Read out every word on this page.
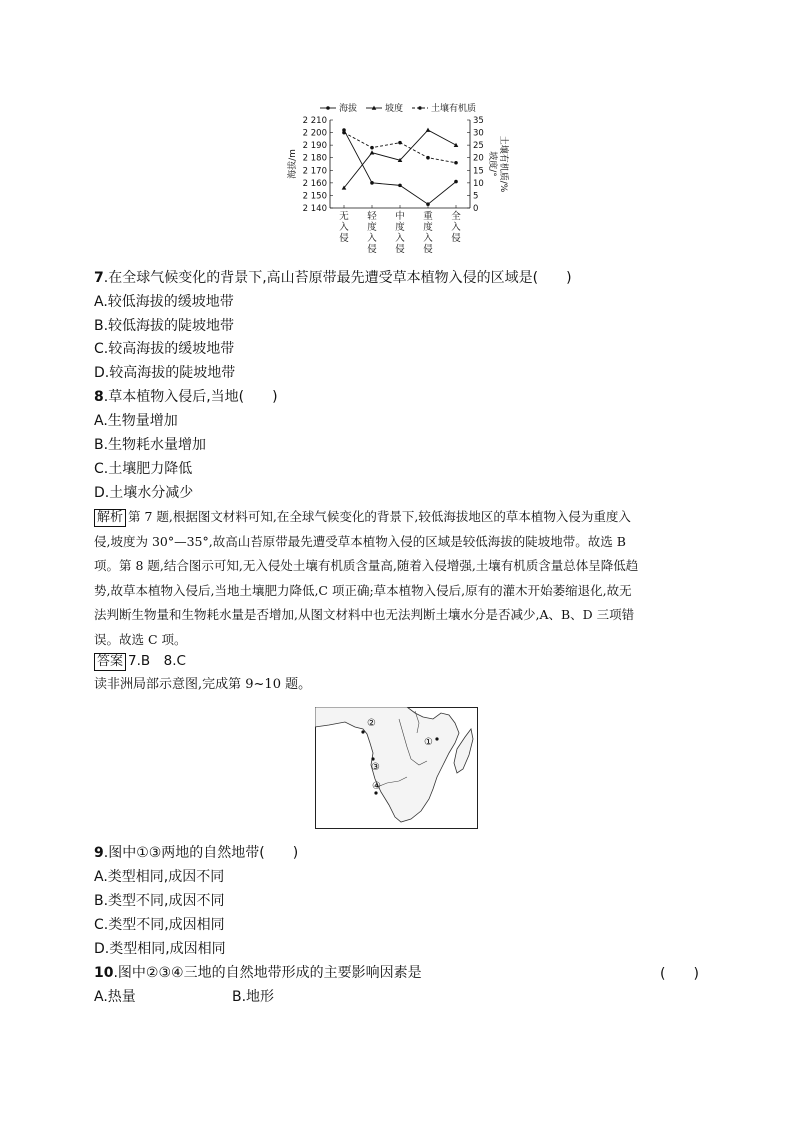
海拔	坡度	土壤有机质
2 210
2 200
2 190
2 180
2 170
2 160
2 150
2 140
35
30
25
20
15
10
5
0
海拔/m	坡度/° 土壤有机质/%
无入侵
轻度入侵
中度入侵
重度入侵
全入侵
7.在全球气候变化的背景下,高山苔原带最先遭受草本植物入侵的区域是(　　)
A.较低海拔的缓坡地带
B.较低海拔的陡坡地带
C.较高海拔的缓坡地带
D.较高海拔的陡坡地带
8.草本植物入侵后,当地(　　)
A.生物量增加
B.生物耗水量增加
C.土壤肥力降低
D.土壤水分减少
解析 第 7 题,根据图文材料可知,在全球气候变化的背景下,较低海拔地区的草本植物入侵为重度入
侵,坡度为 30°—35°,故高山苔原带最先遭受草本植物入侵的区域是较低海拔的陡坡地带。故选 B
项。第 8 题,结合图示可知,无入侵处土壤有机质含量高,随着入侵增强,土壤有机质含量总体呈降低趋
势,故草本植物入侵后,当地土壤肥力降低,C 项正确;草本植物入侵后,原有的灌木开始萎缩退化,故无
法判断生物量和生物耗水量是否增加,从图文材料中也无法判断土壤水分是否减少,A、B、D 三项错
误。故选 C 项。
答案 7.B　8.C
读非洲局部示意图,完成第 9~10 题。
②
①
③
④
9.图中①③两地的自然地带(　　)
A.类型相同,成因不同
B.类型不同,成因不同
C.类型不同,成因相同
D.类型相同,成因相同
10.图中②③④三地的自然地带形成的主要影响因素是	(　　)
A.热量	B.地形
